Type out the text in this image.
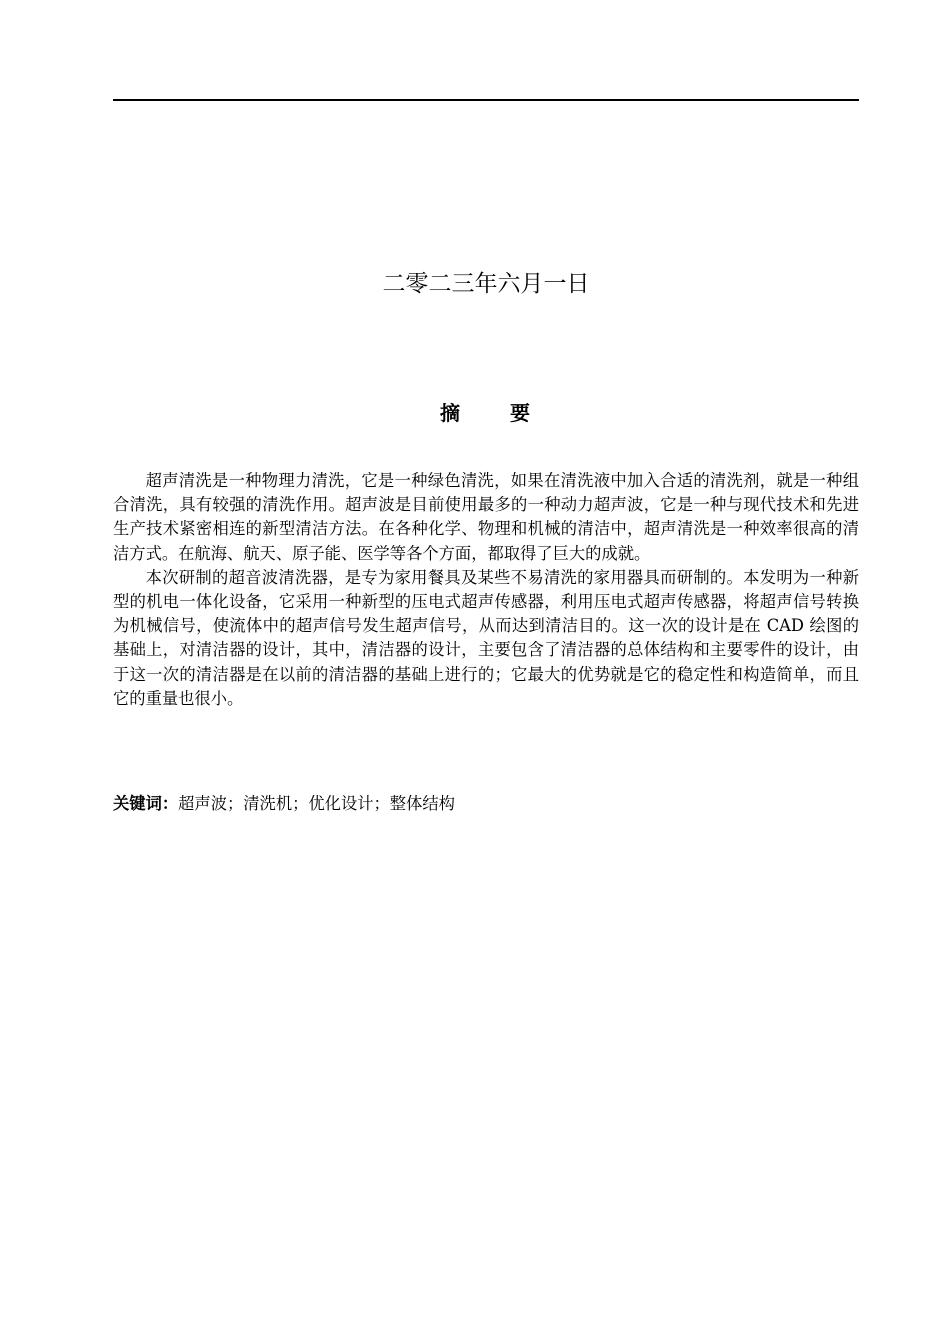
二零二三年六月一日
摘 要

超声清洗是一种物理力清洗，它是一种绿色清洗，如果在清洗液中加入合适的清洗剂，就是一种组合清洗，具有较强的清洗作用。超声波是目前使用最多的一种动力超声波，它是一种与现代技术和先进生产技术紧密相连的新型清洁方法。在各种化学、物理和机械的清洁中，超声清洗是一种效率很高的清洁方式。在航海、航天、原子能、医学等各个方面，都取得了巨大的成就。

本次研制的超音波清洗器，是专为家用餐具及某些不易清洗的家用器具而研制的。本发明为一种新型的机电一体化设备，它采用一种新型的压电式超声传感器，利用压电式超声传感器，将超声信号转换为机械信号，使流体中的超声信号发生超声信号，从而达到清洁目的。这一次的设计是在 CAD 绘图的基础上，对清洁器的设计，其中，清洁器的设计，主要包含了清洁器的总体结构和主要零件的设计，由于这一次的清洁器是在以前的清洁器的基础上进行的；它最大的优势就是它的稳定性和构造简单，而且它的重量也很小。

关键词：超声波；清洗机；优化设计；整体结构
